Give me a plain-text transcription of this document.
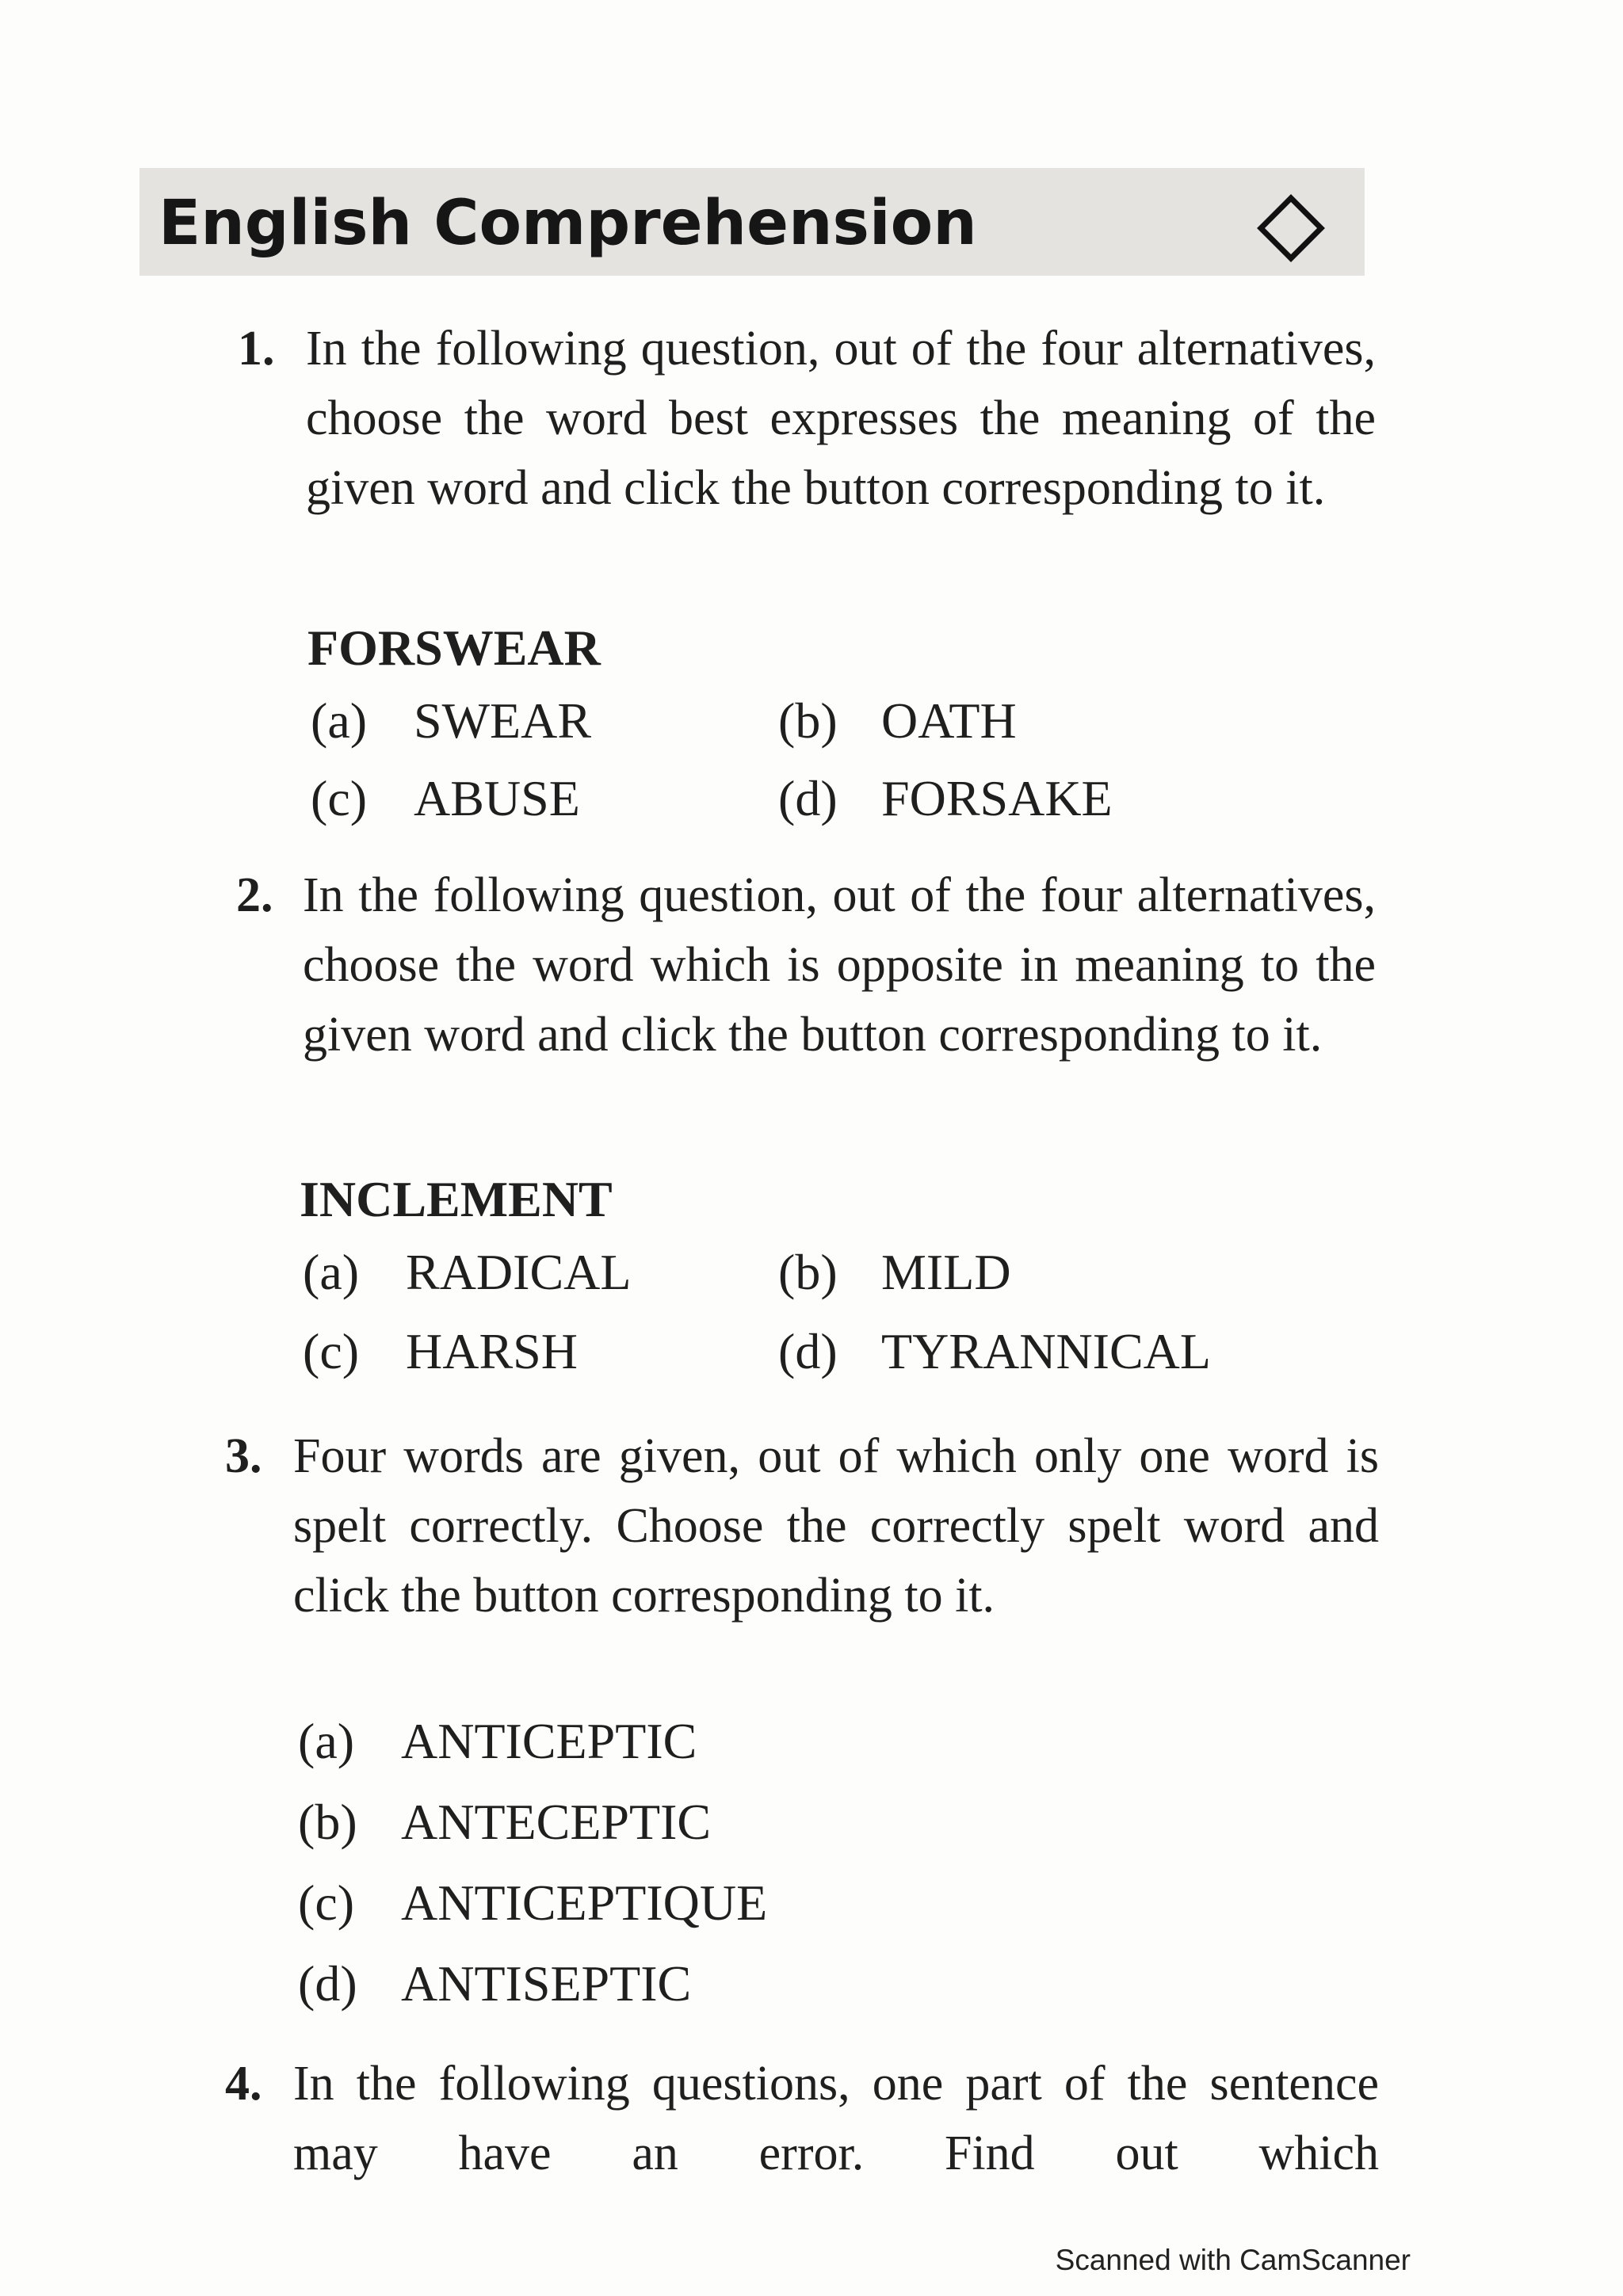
English Comprehension
1. In the following question, out of the four alternatives, choose the word best expresses the meaning of the given word and click the button corresponding to it.
FORSWEAR
(a) SWEAR	(b) OATH
(c) ABUSE	(d) FORSAKE
2. In the following question, out of the four alternatives, choose the word which is opposite in meaning to the given word and click the button corresponding to it.
INCLEMENT
(a) RADICAL	(b) MILD
(c) HARSH	(d) TYRANNICAL
3. Four words are given, out of which only one word is spelt correctly. Choose the correctly spelt word and click the button corresponding to it.
(a) ANTICEPTIC
(b) ANTECEPTIC
(c) ANTICEPTIQUE
(d) ANTISEPTIC
4. In the following questions, one part of the sentence may have an error. Find out which
Scanned with CamScanner
